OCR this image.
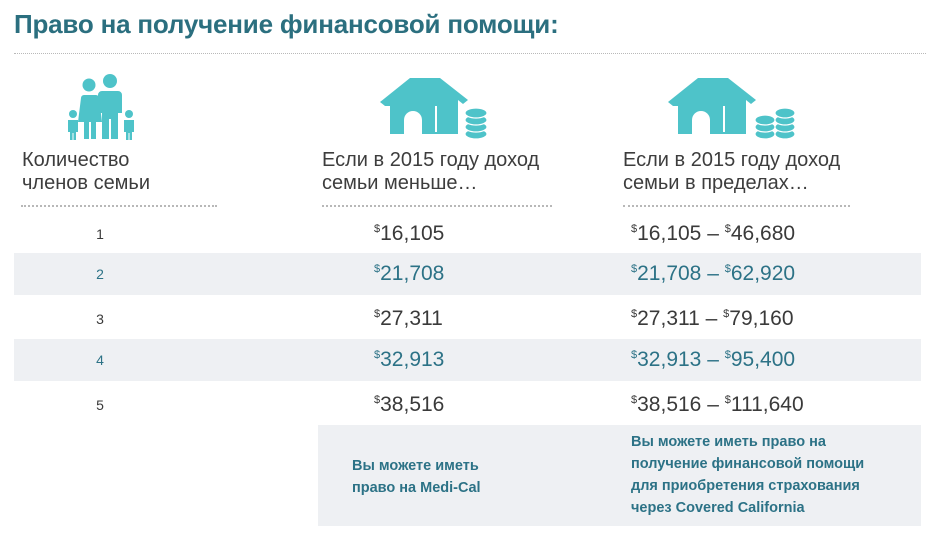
Право на получение финансовой помощи:
Количество членов семьи
Если в 2015 году доход семьи меньше…
Если в 2015 году доход семьи в пределах…
1	$16,105	$16,105 – $46,680
2	$21,708	$21,708 – $62,920
3	$27,311	$27,311 – $79,160
4	$32,913	$32,913 – $95,400
5	$38,516	$38,516 – $111,640
Вы можете иметь
право на Medi-Cal
Вы можете иметь право на
получение финансовой помощи
для приобретения страхования
через Covered California
